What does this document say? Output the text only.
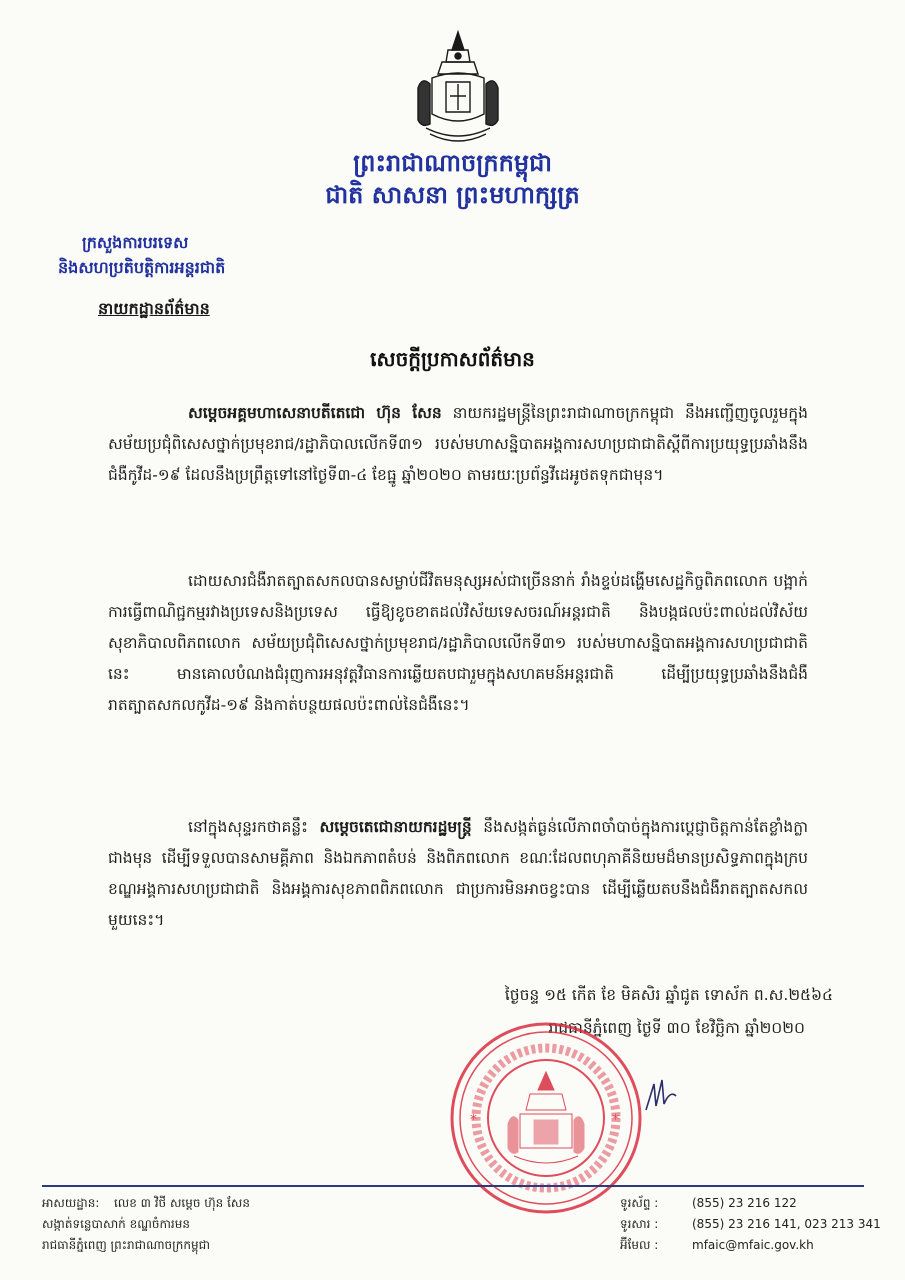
ព្រះរាជាណាចក្រកម្ពុជា
ជាតិ សាសនា ព្រះមហាក្សត្រ
ក្រសួងការបរទេស
និងសហប្រតិបត្តិការអន្តរជាតិ
នាយកដ្ឋានព័ត៌មាន
សេចក្តីប្រកាសព័ត៌មាន
សម្តេចអគ្គមហាសេនាបតីតេជោ ហ៊ុន សែន នាយករដ្ឋមន្ត្រីនៃព្រះរាជាណាចក្រកម្ពុជា នឹងអញ្ជើញចូលរួមក្នុងសម័យប្រជុំពិសេសថ្នាក់ប្រមុខរាជ/រដ្ឋាភិបាលលើកទី៣១ របស់មហាសន្និបាតអង្គការសហប្រជាជាតិស្តីពីការប្រយុទ្ធប្រឆាំងនឹងជំងឺកូវីដ-១៩ ដែលនឹងប្រព្រឹត្តទៅនៅថ្ងៃទី៣-៤ ខែធ្នូ ឆ្នាំ២០២០ តាមរយៈប្រព័ន្ធវីដេអូថតទុកជាមុន។
ដោយសារជំងឺរាតត្បាតសកលបានសម្លាប់ជីវិតមនុស្សអស់ជាច្រើននាក់ រាំងខ្ទប់ដង្ហើមសេដ្ឋកិច្ចពិភពលោក បង្អាក់ការធ្វើពាណិជ្ជកម្មរវាងប្រទេសនិងប្រទេស ធ្វើឱ្យខូចខាតដល់វិស័យទេសចរណ៍អន្តរជាតិ និងបង្កផលប៉ះពាល់ដល់វិស័យសុខាភិបាលពិភពលោក សម័យប្រជុំពិសេសថ្នាក់ប្រមុខរាជ/រដ្ឋាភិបាលលើកទី៣១ របស់មហាសន្និបាតអង្គការសហប្រជាជាតិនេះ មានគោលបំណងជំរុញការអនុវត្តវិធានការឆ្លើយតបជារួមក្នុងសហគមន៍អន្តរជាតិ ដើម្បីប្រយុទ្ធប្រឆាំងនឹងជំងឺរាតត្បាតសកលកូវីដ-១៩ និងកាត់បន្ថយផលប៉ះពាល់នៃជំងឺនេះ។
នៅក្នុងសុន្ទរកថាគន្លឹះ សម្តេចតេជោនាយករដ្ឋមន្ត្រី នឹងសង្កត់ធ្ងន់លើភាពចាំបាច់ក្នុងការប្តេជ្ញាចិត្តកាន់តែខ្លាំងក្លាជាងមុន ដើម្បីទទួលបានសាមគ្គីភាព និងឯកភាពតំបន់ និងពិភពលោក ខណៈដែលពហុភាគីនិយមដ៏មានប្រសិទ្ធភាពក្នុងក្របខណ្ឌអង្គការសហប្រជាជាតិ និងអង្គការសុខភាពពិភពលោក ជាប្រការមិនអាចខ្វះបាន ដើម្បីឆ្លើយតបនឹងជំងឺរាតត្បាតសកលមួយនេះ។
ថ្ងៃចន្ទ ១៥ កើត ខែ មិគសិរ ឆ្នាំជូត ទោស័ក ព.ស.២៥៦៤
រាជធានីភ្នំពេញ ថ្ងៃទី ៣០ ខែវិច្ឆិកា ឆ្នាំ២០២០
*	*
អាសយដ្ឋាន:	លេខ ៣ វិថី សម្តេច ហ៊ុន សែន
សង្កាត់ទន្លេបាសាក់ ខណ្ឌចំការមន
រាជធានីភ្នំពេញ ព្រះរាជាណាចក្រកម្ពុជា
ទូរស័ព្ទ :	(855) 23 216 122
ទូរសារ :	(855) 23 216 141, 023 213 341
អ៊ីមែល :	mfaic@mfaic.gov.kh
